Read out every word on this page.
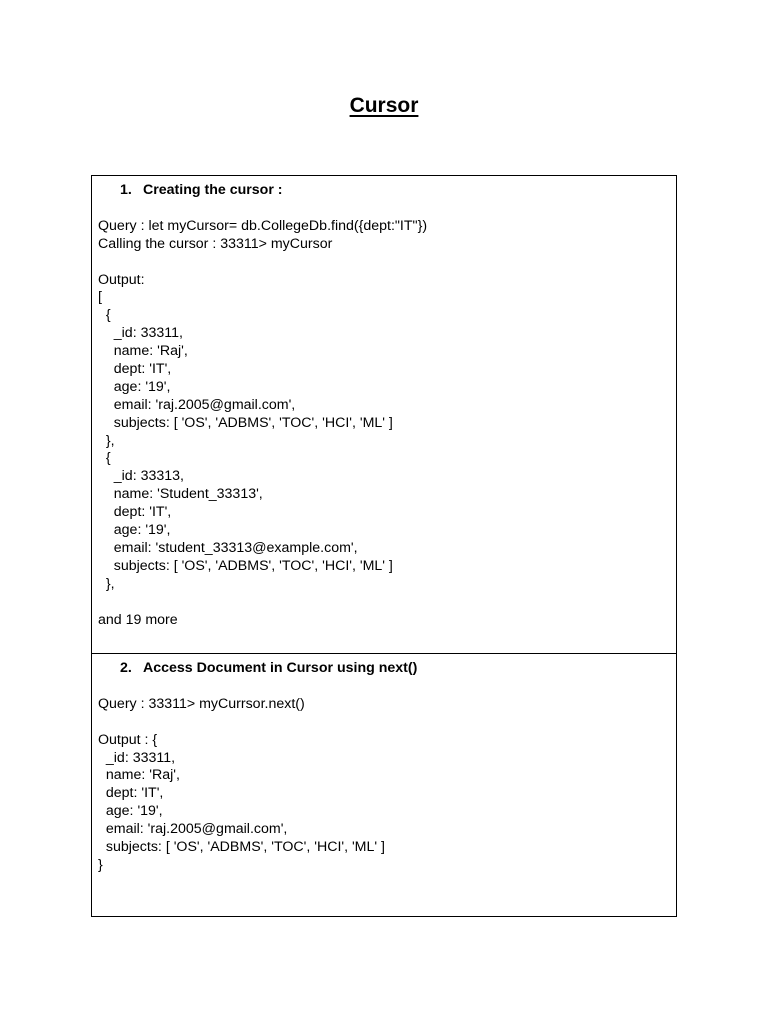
Cursor
1. Creating the cursor :
Query : let myCursor= db.CollegeDb.find({dept:"IT"})
Calling the cursor : 33311> myCursor
Output:
[
{
_id: 33311,
name: 'Raj',
dept: 'IT',
age: '19',
email: 'raj.2005@gmail.com',
subjects: [ 'OS', 'ADBMS', 'TOC', 'HCI', 'ML' ]
},
{
_id: 33313,
name: 'Student_33313',
dept: 'IT',
age: '19',
email: 'student_33313@example.com',
subjects: [ 'OS', 'ADBMS', 'TOC', 'HCI', 'ML' ]
},
and 19 more
2. Access Document in Cursor using next()
Query : 33311> myCurrsor.next()
Output : {
_id: 33311,
name: 'Raj',
dept: 'IT',
age: '19',
email: 'raj.2005@gmail.com',
subjects: [ 'OS', 'ADBMS', 'TOC', 'HCI', 'ML' ]
}
